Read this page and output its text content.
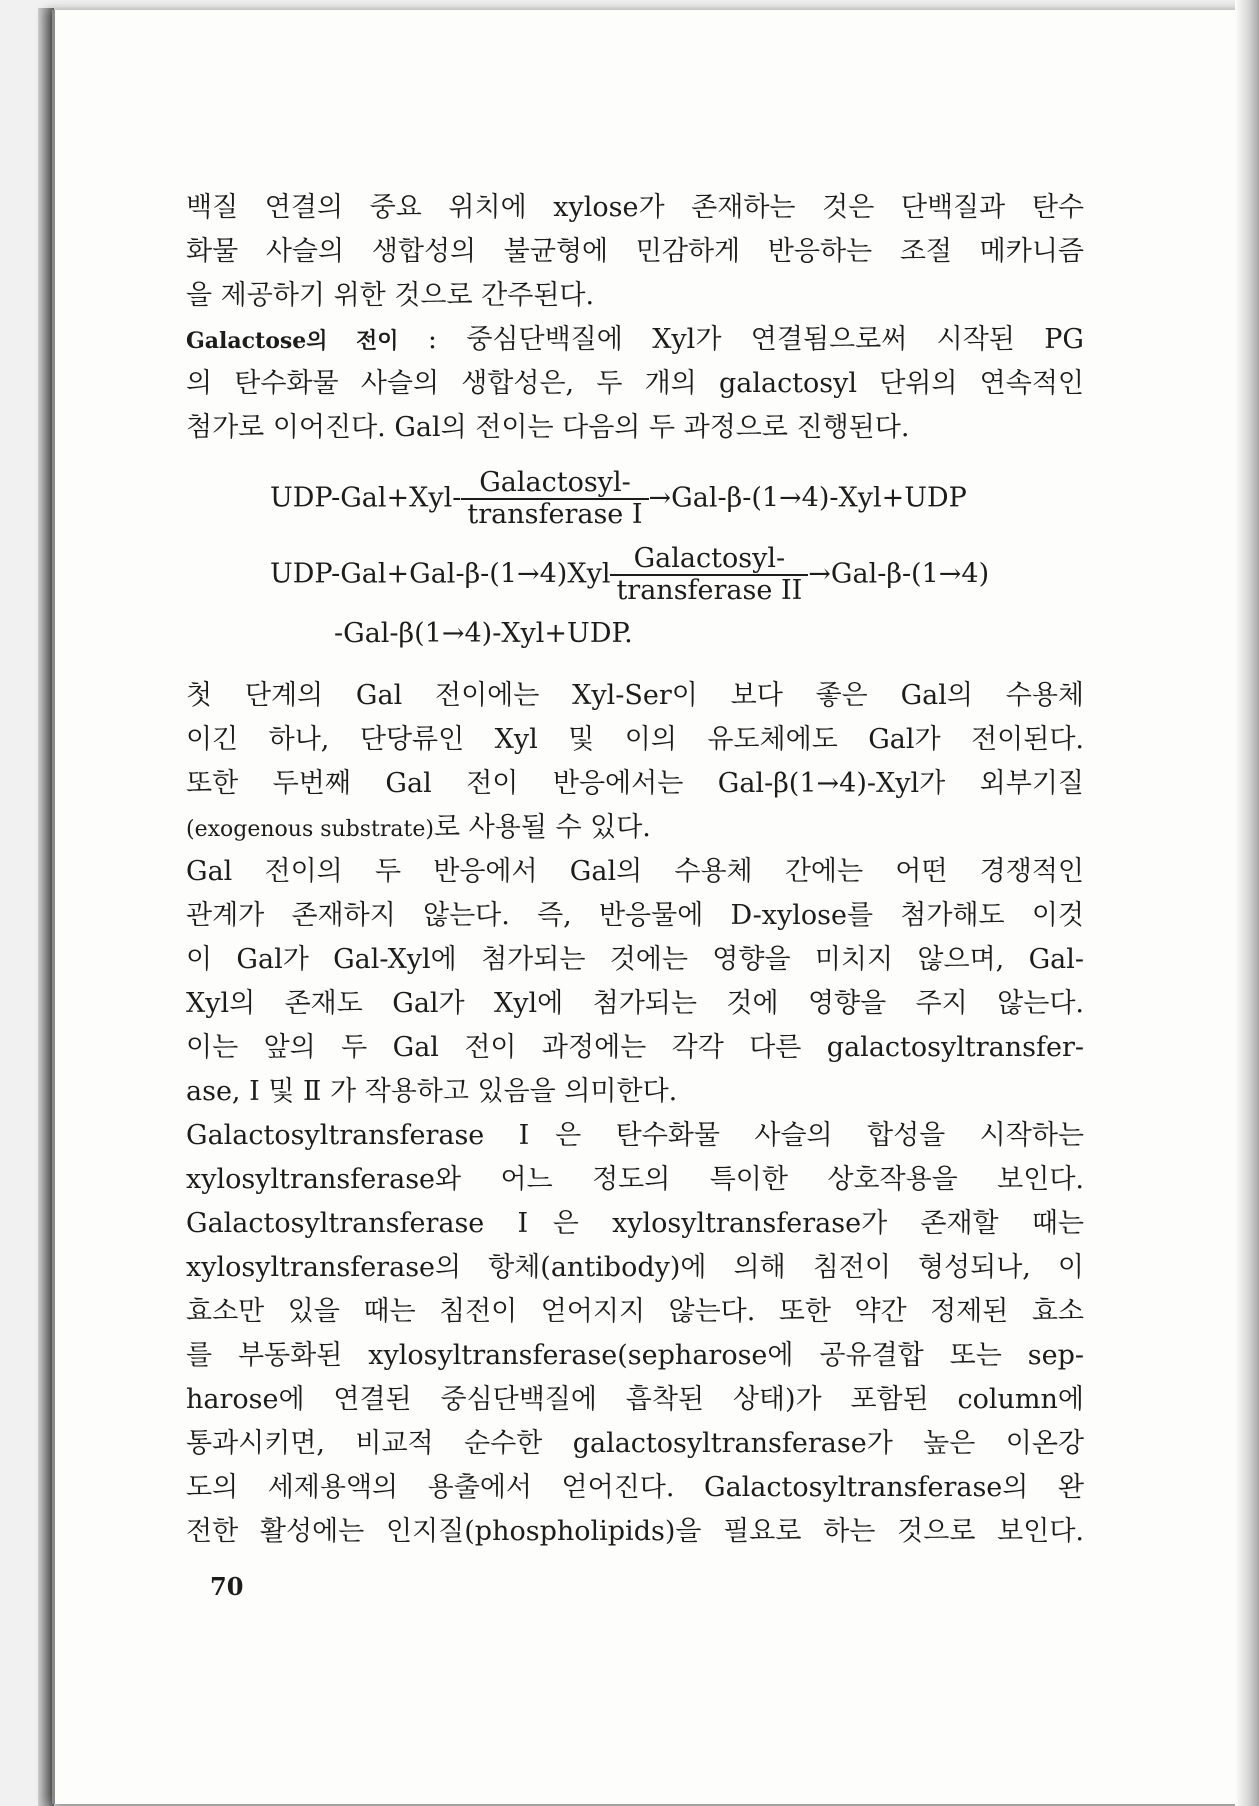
백질 연결의 중요 위치에 xylose가 존재하는 것은 단백질과 탄수
화물 사슬의 생합성의 불균형에 민감하게 반응하는 조절 메카니즘
을 제공하기 위한 것으로 간주된다.
Galactose의 전이 : 중심단백질에 Xyl가 연결됨으로써 시작된 PG
의 탄수화물 사슬의 생합성은, 두 개의 galactosyl 단위의 연속적인
첨가로 이어진다. Gal의 전이는 다음의 두 과정으로 진행된다.
$UDP-Gal+Xyl- \frac{\text{Galactosyl-}}{\text{transferase I}} \to Gal-\beta-(1\to 4)-Xyl+UDP$
$UDP-Gal+Gal-\beta-(1\to 4)Xyl \frac{\text{Galactosyl-}}{\text{transferase II}} \to Gal-\beta-(1\to 4)$
-Gal-β(1→4)-Xyl+UDP.
첫 단계의 Gal 전이에는 Xyl-Ser이 보다 좋은 Gal의 수용체
이긴 하나, 단당류인 Xyl 및 이의 유도체에도 Gal가 전이된다.
또한 두번째 Gal 전이 반응에서는 Gal-β(1→4)-Xyl가 외부기질
(exogenous substrate)로 사용될 수 있다.
Gal 전이의 두 반응에서 Gal의 수용체 간에는 어떤 경쟁적인
관계가 존재하지 않는다. 즉, 반응물에 D-xylose를 첨가해도 이것
이 Gal가 Gal-Xyl에 첨가되는 것에는 영향을 미치지 않으며, Gal-
Xyl의 존재도 Gal가 Xyl에 첨가되는 것에 영향을 주지 않는다.
이는 앞의 두 Gal 전이 과정에는 각각 다른 galactosyltransfer-
ase, Ⅰ 및 Ⅱ 가 작용하고 있음을 의미한다.
Galactosyltransferase Ⅰ은 탄수화물 사슬의 합성을 시작하는
xylosyltransferase와 어느 정도의 특이한 상호작용을 보인다.
Galactosyltransferase Ⅰ은 xylosyltransferase가 존재할 때는
xylosyltransferase의 항체(antibody)에 의해 침전이 형성되나, 이
효소만 있을 때는 침전이 얻어지지 않는다. 또한 약간 정제된 효소
를 부동화된 xylosyltransferase(sepharose에 공유결합 또는 sep-
harose에 연결된 중심단백질에 흡착된 상태)가 포함된 column에
통과시키면, 비교적 순수한 galactosyltransferase가 높은 이온강
도의 세제용액의 용출에서 얻어진다. Galactosyltransferase의 완
전한 활성에는 인지질(phospholipids)을 필요로 하는 것으로 보인다.
70
